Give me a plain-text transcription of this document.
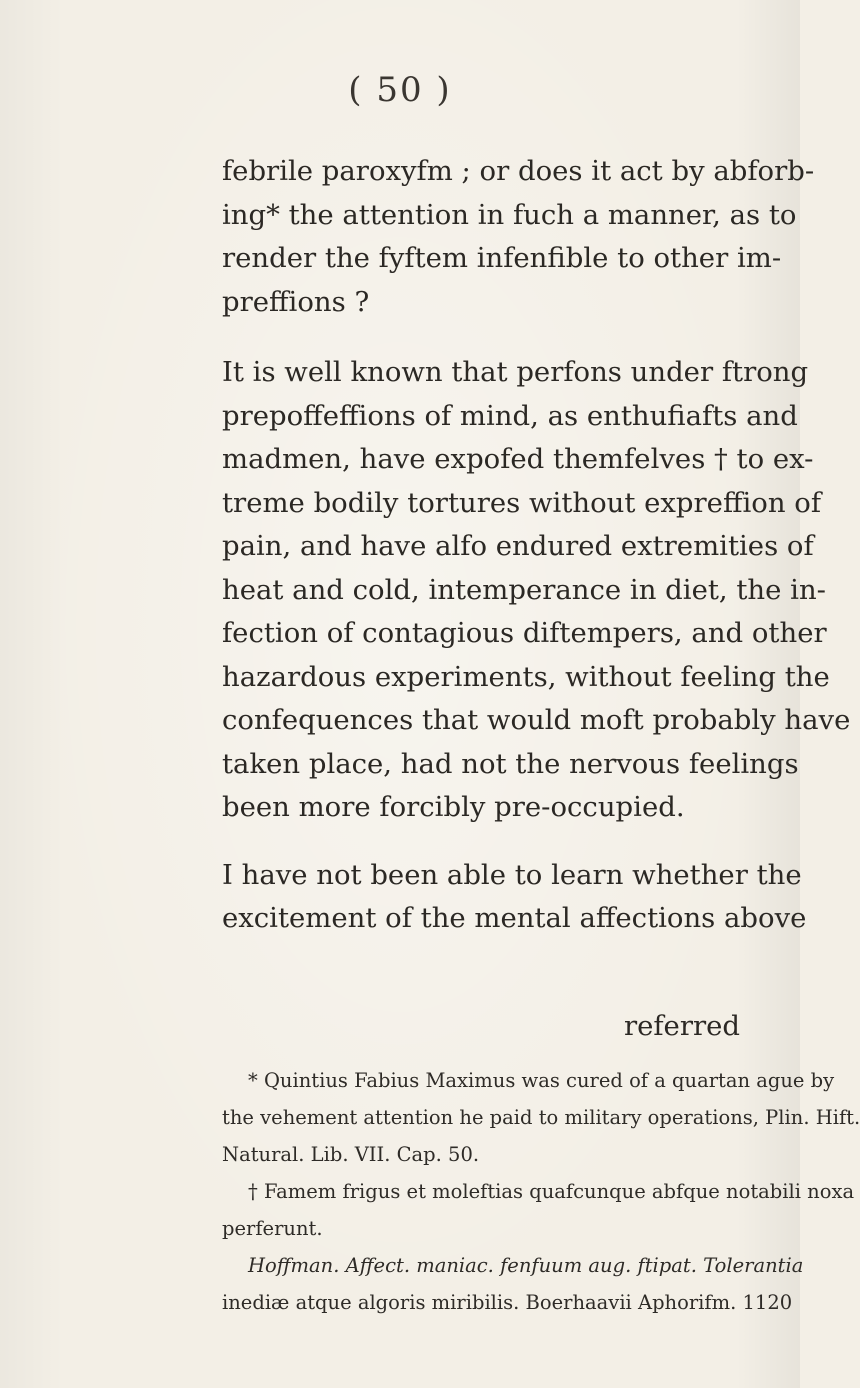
( 50 )

febrile paroxyfm ; or does it act by abforb-
ing* the attention in fuch a manner, as to
render the fyftem infenfible to other im-
preffions ?

It is well known that perfons under ftrong
prepoffeffions of mind, as enthufiafts and
madmen, have expofed themfelves † to ex-
treme bodily tortures without expreffion of
pain, and have alfo endured extremities of
heat and cold, intemperance in diet, the in-
fection of contagious diftempers, and other
hazardous experiments, without feeling the
confequences that would moft probably have
taken place, had not the nervous feelings
been more forcibly pre-occupied.

I have not been able to learn whether the
excitement of the mental affections above

referred
* Quintius Fabius Maximus was cured of a quartan ague by
the vehement attention he paid to military operations, Plin. Hift.
Natural. Lib. VII. Cap. 50.
† Famem frigus et moleftias quafcunque abfque notabili noxa
perferunt.
Hoffman. Affect. maniac. fenfuum aug. ftipat. Tolerantia
inediæ atque algoris miribilis. Boerhaavii Aphorifm. 1120
